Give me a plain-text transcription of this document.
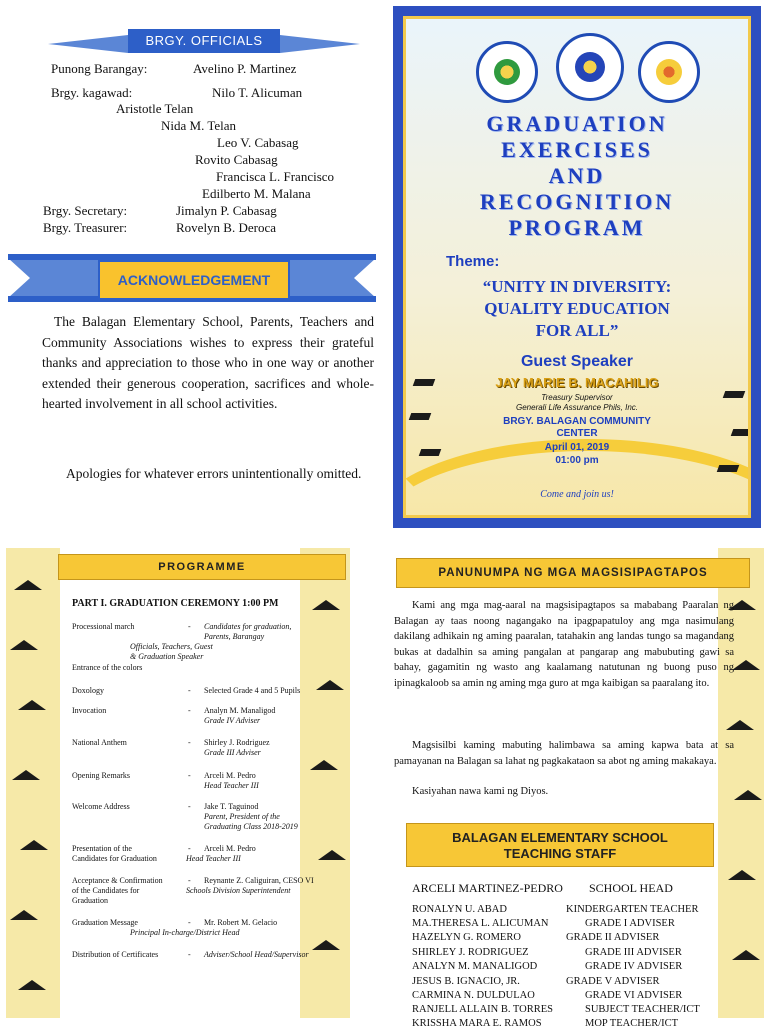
BRGY. OFFICIALS
Punong Barangay:	Avelino P. Martinez
Brgy. kagawad:	Nilo T. Alicuman
Aristotle Telan
Nida M. Telan
Leo V. Cabasag
Rovito Cabasag
Francisca L. Francisco
Edilberto M. Malana
Brgy. Secretary:	Jimalyn P. Cabasag
Brgy. Treasurer:	Rovelyn B. Deroca
ACKNOWLEDGEMENT
The Balagan Elementary School, Parents, Teachers and Community Associations wishes to express their grateful thanks and appreciation to those who in one way or another extended their generous cooperation, sacrifices and whole-hearted involvement in all school activities.
Apologies for whatever errors unintentionally omitted.
GRADUATION
EXERCISES
AND
RECOGNITION
PROGRAM
Theme:
“UNITY IN DIVERSITY:
QUALITY EDUCATION
FOR ALL”
Guest Speaker
JAY MARIE B. MACAHILIG
Treasury Supervisor
Generali Life Assurance Phils, Inc.
BRGY. BALAGAN COMMUNITY
CENTER
April 01, 2019
01:00 pm
Come and join us!
PROGRAMME
PART I. GRADUATION CEREMONY 1:00 PM
Processional march	- Candidates for graduation,
Parents, Barangay
Officials, Teachers, Guest
& Graduation Speaker
Entrance of the colors
Doxology	- Selected Grade 4 and 5 Pupils
Invocation	- Analyn M. Manaligod
Grade IV Adviser
National Anthem	- Shirley J. Rodriguez
Grade III Adviser
Opening Remarks	- Arceli M. Pedro
Head Teacher III
Welcome Address	- Jake T. Taguinod
Parent, President of the
Graduating Class 2018-2019
Presentation of the
Candidates for Graduation
- Arceli M. Pedro
Head Teacher III
Acceptance & Confirmation
of the Candidates for
Graduation
- Reynante Z. Caliguiran, CESO VI
Schools Division Superintendent
Graduation Message	- Mr. Robert M. Gelacio
Principal In-charge/District Head
Distribution of Certificates	- Adviser/School Head/Supervisor
PANUNUMPA NG MGA MAGSISIPAGTAPOS
Kami ang mga mag-aaral na magsisipagtapos sa mababang Paaralan ng Balagan ay taas noong nagangako na ipagpapatuloy ang mga nasimulang dakilang adhikain ng aming paaralan, tatahakin ang landas tungo sa magandang bukas at dadalhin sa aming pangalan at pangarap ang mabubuting gawi sa bahay, gagamitin ng wasto ang kaalamang natutunan ng buong puso ng ipinagkaloob sa amin ng aming mga guro at mga kaibigan sa paaralang ito.
Magsisilbi kaming mabuting halimbawa sa aming kapwa bata at sa pamayanan na Balagan sa lahat ng pagkakataon sa abot ng aming makakaya.
Kasiyahan nawa kami ng Diyos.
BALAGAN ELEMENTARY SCHOOL
TEACHING STAFF
ARCELI MARTINEZ-PEDRO SCHOOL HEAD
RONALYN U. ABAD	KINDERGARTEN TEACHER
MA.THERESA L. ALICUMAN	GRADE I ADVISER
HAZELYN G. ROMERO	GRADE II ADVISER
SHIRLEY J. RODRIGUEZ	GRADE III ADVISER
ANALYN M. MANALIGOD	GRADE IV ADVISER
JESUS B. IGNACIO, JR.	GRADE V ADVISER
CARMINA N. DULDULAO	GRADE VI ADVISER
RANJELL ALLAIN B. TORRES	SUBJECT TEACHER/ICT
KRISSHA MARA E. RAMOS	MOP TEACHER/ICT
